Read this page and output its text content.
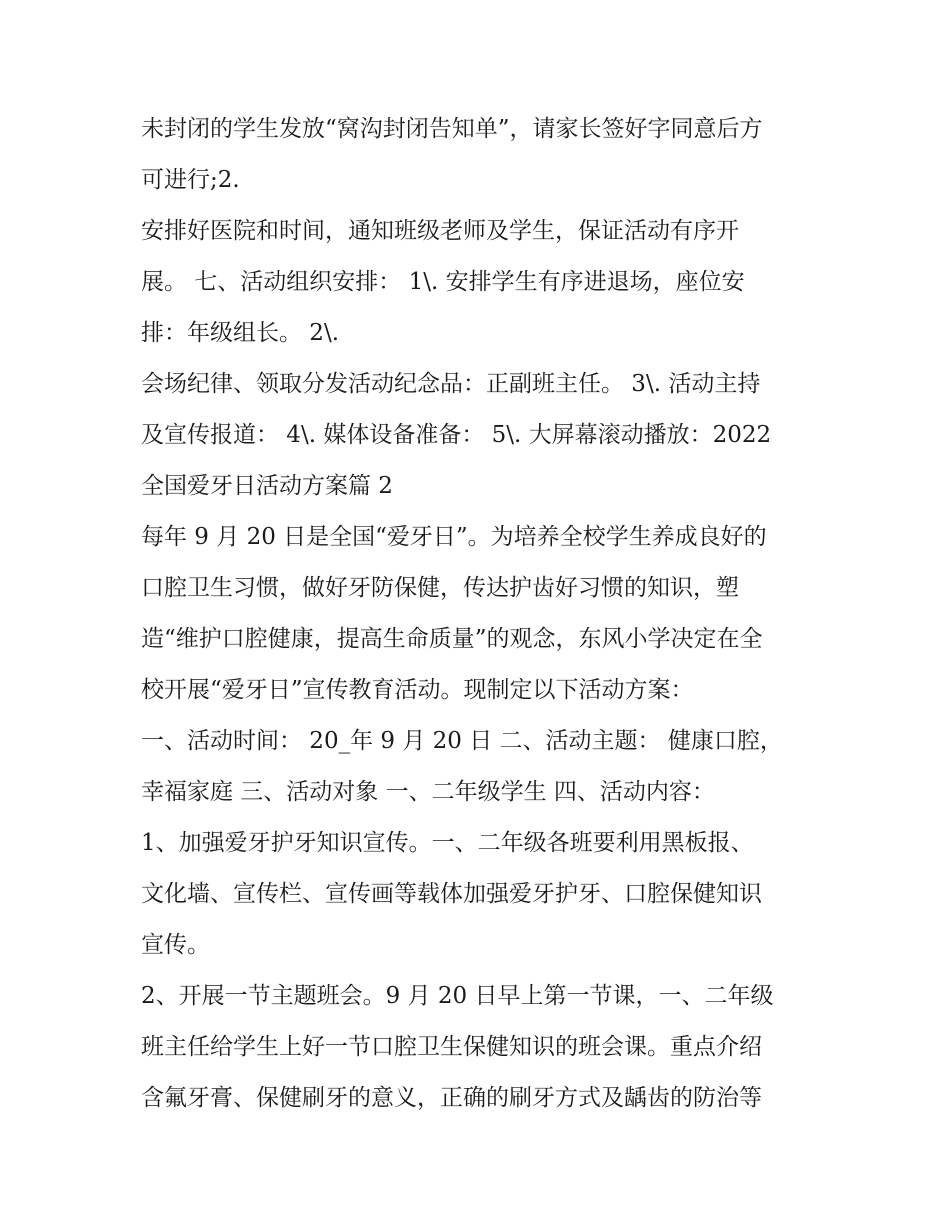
未封闭的学生发放“窝沟封闭告知单”，请家长签好字同意后方
可进行;2.
安排好医院和时间，通知班级老师及学生，保证活动有序开
展。 七、活动组织安排： 1\. 安排学生有序进退场，座位安
排：年级组长。 2\.
会场纪律、领取分发活动纪念品：正副班主任。 3\. 活动主持
及宣传报道： 4\. 媒体设备准备： 5\. 大屏幕滚动播放：2022
全国爱牙日活动方案篇 2
每年 9 月 20 日是全国“爱牙日”。为培养全校学生养成良好的
口腔卫生习惯，做好牙防保健，传达护齿好习惯的知识，塑
造“维护口腔健康，提高生命质量”的观念，东风小学决定在全
校开展“爱牙日”宣传教育活动。现制定以下活动方案：
一、活动时间： 20_年 9 月 20 日 二、活动主题： 健康口腔，
幸福家庭 三、活动对象 一、二年级学生 四、活动内容：
1、加强爱牙护牙知识宣传。一、二年级各班要利用黑板报、
文化墙、宣传栏、宣传画等载体加强爱牙护牙、口腔保健知识
宣传。
2、开展一节主题班会。9 月 20 日早上第一节课，一、二年级
班主任给学生上好一节口腔卫生保健知识的班会课。重点介绍
含氟牙膏、保健刷牙的意义，正确的刷牙方式及龋齿的防治等
